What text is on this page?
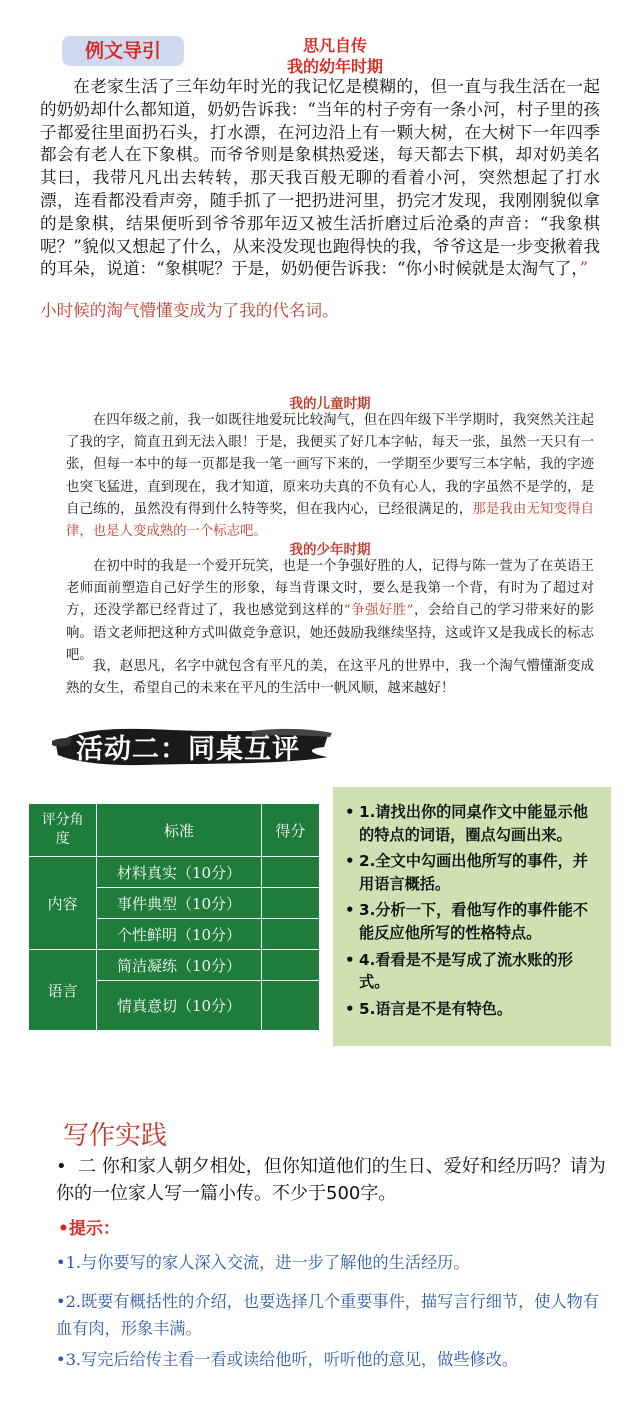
例文导引	思凡自传
我的幼年时期
在老家生活了三年幼年时光的我记忆是模糊的，但一直与我生活在一起的奶奶却什么都知道，奶奶告诉我：“当年的村子旁有一条小河，村子里的孩子都爱往里面扔石头，打水漂，在河边沿上有一颗大树，在大树下一年四季都会有老人在下象棋。而爷爷则是象棋热爱迷，每天都去下棋，却对奶美名其曰，我带凡凡出去转转，那天我百般无聊的看着小河，突然想起了打水漂，连看都没看声旁，随手抓了一把扔进河里，扔完才发现，我刚刚貌似拿的是象棋，结果便听到爷爷那年迈又被生活折磨过后沧桑的声音：“我象棋呢？”貌似又想起了什么，从来没发现也跑得快的我，爷爷这是一步变揪着我的耳朵，说道：“象棋呢？于是，奶奶便告诉我：“你小时候就是太淘气了，”
小时候的淘气懵懂变成为了我的代名词。
我的儿童时期
在四年级之前，我一如既往地爱玩比较淘气，但在四年级下半学期时，我突然关注起了我的字，简直丑到无法入眼！于是，我便买了好几本字帖，每天一张，虽然一天只有一张，但每一本中的每一页都是我一笔一画写下来的，一学期至少要写三本字帖，我的字迹也突飞猛进，直到现在，我才知道，原来功夫真的不负有心人，我的字虽然不是学的，是自己练的，虽然没有得到什么特等奖，但在我内心，已经很满足的，那是我由无知变得自律，也是人变成熟的一个标志吧。
我的少年时期
在初中时的我是一个爱开玩笑，也是一个争强好胜的人，记得与陈一萱为了在英语王老师面前塑造自己好学生的形象，每当背课文时，要么是我第一个背，有时为了超过对方，还没学都已经背过了，我也感觉到这样的“争强好胜”，会给自己的学习带来好的影响。语文老师把这种方式叫做竞争意识，她还鼓励我继续坚持，这或许又是我成长的标志吧。
我，赵思凡，名字中就包含有平凡的美，在这平凡的世界中，我一个淘气懵懂渐变成熟的女生，希望自己的未来在平凡的生活中一帆风顺，越来越好！
活动二：同桌互评
评分角度	标准	得分
内容	材料真实（10分）	
	事件典型（10分）	
	个性鲜明（10分）	
语言	简洁凝练（10分）	
	情真意切（10分）	
• 1.请找出你的同桌作文中能显示他的特点的词语，圈点勾画出来。
• 2.全文中勾画出他所写的事件，并用语言概括。
• 3.分析一下，看他写作的事件能不能反应他所写的性格特点。
• 4.看看是不是写成了流水账的形式。
• 5.语言是不是有特色。
写作实践
• 二 你和家人朝夕相处，但你知道他们的生日、爱好和经历吗？请为你的一位家人写一篇小传。不少于500字。
•提示：
•1.与你要写的家人深入交流，进一步了解他的生活经历。
•2.既要有概括性的介绍，也要选择几个重要事件，描写言行细节，使人物有血有肉，形象丰满。
•3.写完后给传主看一看或读给他听，听听他的意见，做些修改。
